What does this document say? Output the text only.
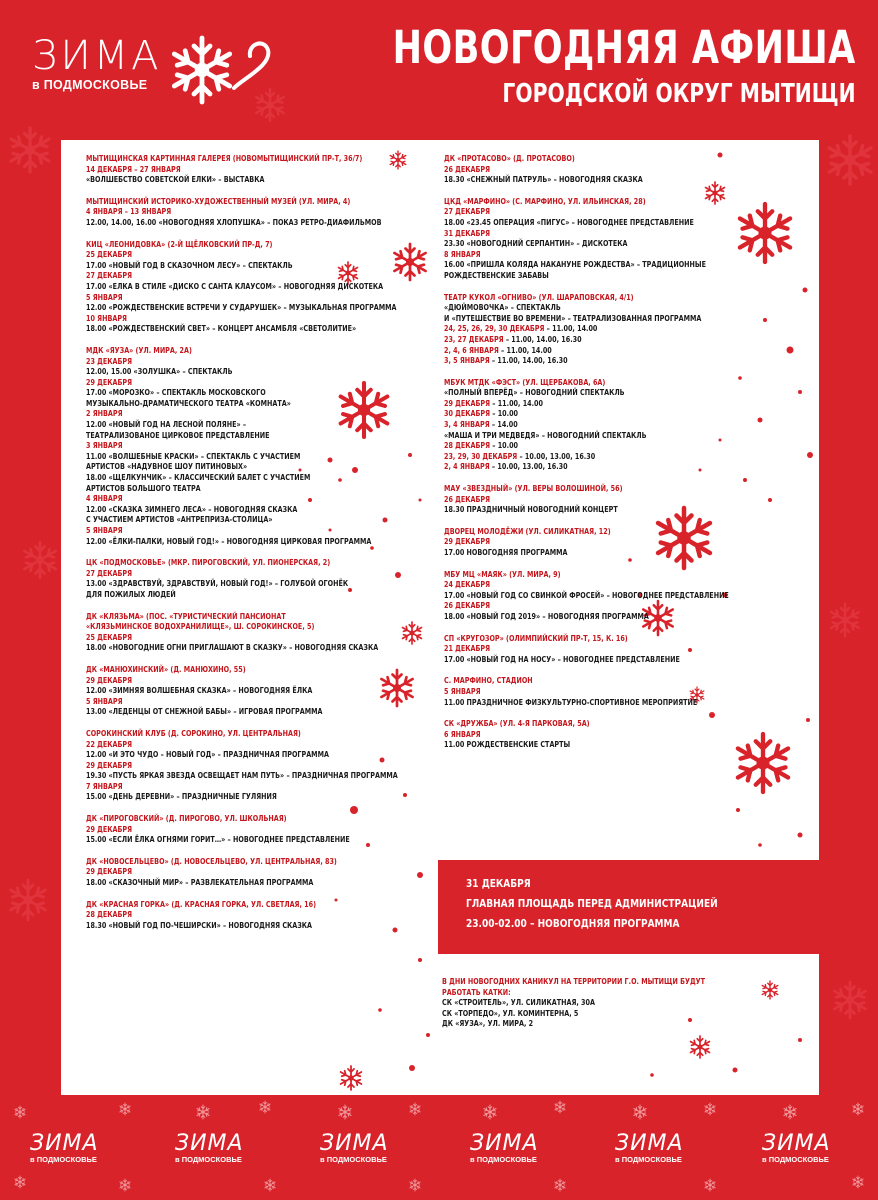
ЗИМА
в ПОДМОСКОВЬЕ
НОВОГОДНЯЯ АФИША
ГОРОДСКОЙ ОКРУГ МЫТИЩИ
МЫТИЩИНСКАЯ КАРТИННАЯ ГАЛЕРЕЯ (НОВОМЫТИЩИНСКИЙ ПР-Т, 36/7)
14 ДЕКАБРЯ – 27 ЯНВАРЯ
«ВОЛШЕБСТВО СОВЕТСКОЙ ЕЛКИ» – ВЫСТАВКА
МЫТИЩИНСКИЙ ИСТОРИКО-ХУДОЖЕСТВЕННЫЙ МУЗЕЙ (УЛ. МИРА, 4)
4 ЯНВАРЯ – 13 ЯНВАРЯ
12.00, 14.00, 16.00 «НОВОГОДНЯЯ ХЛОПУШКА» – ПОКАЗ РЕТРО-ДИАФИЛЬМОВ
КИЦ «ЛЕОНИДОВКА» (2-Й ЩЁЛКОВСКИЙ ПР-Д, 7)
25 ДЕКАБРЯ
17.00 «НОВЫЙ ГОД В СКАЗОЧНОМ ЛЕСУ» – СПЕКТАКЛЬ
27 ДЕКАБРЯ
17.00 «ЕЛКА В СТИЛЕ «ДИСКО С САНТА КЛАУСОМ» – НОВОГОДНЯЯ ДИСКОТЕКА
5 ЯНВАРЯ
12.00 «РОЖДЕСТВЕНСКИЕ ВСТРЕЧИ У СУДАРУШЕК» – МУЗЫКАЛЬНАЯ ПРОГРАММА
10 ЯНВАРЯ
18.00 «РОЖДЕСТВЕНСКИЙ СВЕТ» – КОНЦЕРТ АНСАМБЛЯ «СВЕТОЛИТИЕ»
МДК «ЯУЗА» (УЛ. МИРА, 2А)
23 ДЕКАБРЯ
12.00, 15.00 «ЗОЛУШКА» – СПЕКТАКЛЬ
29 ДЕКАБРЯ
17.00 «МОРОЗКО» – СПЕКТАКЛЬ МОСКОВСКОГО
МУЗЫКАЛЬНО-ДРАМАТИЧЕСКОГО ТЕАТРА «КОМНАТА»
2 ЯНВАРЯ
12.00 «НОВЫЙ ГОД НА ЛЕСНОЙ ПОЛЯНЕ» –
ТЕАТРАЛИЗОВАНОЕ ЦИРКОВОЕ ПРЕДСТАВЛЕНИЕ
3 ЯНВАРЯ
11.00 «ВОЛШЕБНЫЕ КРАСКИ» – СПЕКТАКЛЬ С УЧАСТИЕМ
АРТИСТОВ «НАДУВНОЕ ШОУ ПИТИНОВЫХ»
18.00 «ЩЕЛКУНЧИК» – КЛАССИЧЕСКИЙ БАЛЕТ С УЧАСТИЕМ
АРТИСТОВ БОЛЬШОГО ТЕАТРА
4 ЯНВАРЯ
12.00 «СКАЗКА ЗИМНЕГО ЛЕСА» – НОВОГОДНЯЯ СКАЗКА
С УЧАСТИЕМ АРТИСТОВ «АНТРЕПРИЗА-СТОЛИЦА»
5 ЯНВАРЯ
12.00 «ЁЛКИ-ПАЛКИ, НОВЫЙ ГОД!» – НОВОГОДНЯЯ ЦИРКОВАЯ ПРОГРАММА
ЦК «ПОДМОСКОВЬЕ» (МКР. ПИРОГОВСКИЙ, УЛ. ПИОНЕРСКАЯ, 2)
27 ДЕКАБРЯ
13.00 «ЗДРАВСТВУЙ, ЗДРАВСТВУЙ, НОВЫЙ ГОД!» – ГОЛУБОЙ ОГОНЁК
ДЛЯ ПОЖИЛЫХ ЛЮДЕЙ
ДК «КЛЯЗЬМА» (ПОС. «ТУРИСТИЧЕСКИЙ ПАНСИОНАТ
«КЛЯЗЬМИНСКОЕ ВОДОХРАНИЛИЩЕ», Ш. СОРОКИНСКОЕ, 5)
25 ДЕКАБРЯ
18.00 «НОВОГОДНИЕ ОГНИ ПРИГЛАШАЮТ В СКАЗКУ» – НОВОГОДНЯЯ СКАЗКА
ДК «МАНЮХИНСКИЙ» (Д. МАНЮХИНО, 55)
29 ДЕКАБРЯ
12.00 «ЗИМНЯЯ ВОЛШЕБНАЯ СКАЗКА» – НОВОГОДНЯЯ ЁЛКА
5 ЯНВАРЯ
13.00 «ЛЕДЕНЦЫ ОТ СНЕЖНОЙ БАБЫ» – ИГРОВАЯ ПРОГРАММА
СОРОКИНСКИЙ КЛУБ (Д. СОРОКИНО, УЛ. ЦЕНТРАЛЬНАЯ)
22 ДЕКАБРЯ
12.00 «И ЭТО ЧУДО – НОВЫЙ ГОД» – ПРАЗДНИЧНАЯ ПРОГРАММА
29 ДЕКАБРЯ
19.30 «ПУСТЬ ЯРКАЯ ЗВЕЗДА ОСВЕЩАЕТ НАМ ПУТЬ» – ПРАЗДНИЧНАЯ ПРОГРАММА
7 ЯНВАРЯ
15.00 «ДЕНЬ ДЕРЕВНИ» – ПРАЗДНИЧНЫЕ ГУЛЯНИЯ
ДК «ПИРОГОВСКИЙ» (Д. ПИРОГОВО, УЛ. ШКОЛЬНАЯ)
29 ДЕКАБРЯ
15.00 «ЕСЛИ ЁЛКА ОГНЯМИ ГОРИТ…» – НОВОГОДНЕЕ ПРЕДСТАВЛЕНИЕ
ДК «НОВОСЕЛЬЦЕВО» (Д. НОВОСЕЛЬЦЕВО, УЛ. ЦЕНТРАЛЬНАЯ, 83)
29 ДЕКАБРЯ
18.00 «СКАЗОЧНЫЙ МИР» – РАЗВЛЕКАТЕЛЬНАЯ ПРОГРАММА
ДК «КРАСНАЯ ГОРКА» (Д. КРАСНАЯ ГОРКА, УЛ. СВЕТЛАЯ, 16)
28 ДЕКАБРЯ
18.30 «НОВЫЙ ГОД ПО-ЧЕШИРСКИ» – НОВОГОДНЯЯ СКАЗКА
ДК «ПРОТАСОВО» (Д. ПРОТАСОВО)
26 ДЕКАБРЯ
18.30 «СНЕЖНЫЙ ПАТРУЛЬ» – НОВОГОДНЯЯ СКАЗКА
ЦКД «МАРФИНО» (С. МАРФИНО, УЛ. ИЛЬИНСКАЯ, 28)
27 ДЕКАБРЯ
18.00 «23.45 ОПЕРАЦИЯ «ПИГУС» – НОВОГОДНЕЕ ПРЕДСТАВЛЕНИЕ
31 ДЕКАБРЯ
23.30 «НОВОГОДНИЙ СЕРПАНТИН» – ДИСКОТЕКА
8 ЯНВАРЯ
16.00 «ПРИШЛА КОЛЯДА НАКАНУНЕ РОЖДЕСТВА» – ТРАДИЦИОННЫЕ
РОЖДЕСТВЕНСКИЕ ЗАБАВЫ
ТЕАТР КУКОЛ «ОГНИВО» (УЛ. ШАРАПОВСКАЯ, 4/1)
«ДЮЙМОВОЧКА» – СПЕКТАКЛЬ
И «ПУТЕШЕСТВИЕ ВО ВРЕМЕНИ» – ТЕАТРАЛИЗОВАННАЯ ПРОГРАММА
24, 25, 26, 29, 30 ДЕКАБРЯ – 11.00, 14.00
23, 27 ДЕКАБРЯ – 11.00, 14.00, 16.30
2, 4, 6 ЯНВАРЯ – 11.00, 14.00
3, 5 ЯНВАРЯ – 11.00, 14.00, 16.30
МБУК МТДК «ФЭСТ» (УЛ. ЩЕРБАКОВА, 6А)
«ПОЛНЫЙ ВПЕРЁД» – НОВОГОДНИЙ СПЕКТАКЛЬ
29 ДЕКАБРЯ – 11.00, 14.00
30 ДЕКАБРЯ – 10.00
3, 4 ЯНВАРЯ – 14.00
«МАША И ТРИ МЕДВЕДЯ» – НОВОГОДНИЙ СПЕКТАКЛЬ
28 ДЕКАБРЯ – 10.00
23, 29, 30 ДЕКАБРЯ – 10.00, 13.00, 16.30
2, 4 ЯНВАРЯ – 10.00, 13.00, 16.30
МАУ «ЗВЕЗДНЫЙ» (УЛ. ВЕРЫ ВОЛОШИНОЙ, 56)
26 ДЕКАБРЯ
18.30 ПРАЗДНИЧНЫЙ НОВОГОДНИЙ КОНЦЕРТ
ДВОРЕЦ МОЛОДЁЖИ (УЛ. СИЛИКАТНАЯ, 12)
29 ДЕКАБРЯ
17.00 НОВОГОДНЯЯ ПРОГРАММА
МБУ МЦ «МАЯК» (УЛ. МИРА, 9)
24 ДЕКАБРЯ
17.00 «НОВЫЙ ГОД СО СВИНКОЙ ФРОСЕЙ» – НОВОГОДНЕЕ ПРЕДСТАВЛЕНИЕ
26 ДЕКАБРЯ
18.00 «НОВЫЙ ГОД 2019» – НОВОГОДНЯЯ ПРОГРАММА
СП «КРУГОЗОР» (ОЛИМПИЙСКИЙ ПР-Т, 15, К. 16)
21 ДЕКАБРЯ
17.00 «НОВЫЙ ГОД НА НОСУ» – НОВОГОДНЕЕ ПРЕДСТАВЛЕНИЕ
С. МАРФИНО, СТАДИОН
5 ЯНВАРЯ
11.00 ПРАЗДНИЧНОЕ ФИЗКУЛЬТУРНО-СПОРТИВНОЕ МЕРОПРИЯТИЕ
СК «ДРУЖБА» (УЛ. 4-Я ПАРКОВАЯ, 5А)
6 ЯНВАРЯ
11.00 РОЖДЕСТВЕНСКИЕ СТАРТЫ
31 ДЕКАБРЯ
ГЛАВНАЯ ПЛОЩАДЬ ПЕРЕД АДМИНИСТРАЦИЕЙ
23.00-02.00 – НОВОГОДНЯЯ ПРОГРАММА
В ДНИ НОВОГОДНИХ КАНИКУЛ НА ТЕРРИТОРИИ Г.О. МЫТИЩИ БУДУТ
РАБОТАТЬ КАТКИ:
СК «СТРОИТЕЛЬ», УЛ. СИЛИКАТНАЯ, 30А
СК «ТОРПЕДО», УЛ. КОМИНТЕРНА, 5
ДК «ЯУЗА», УЛ. МИРА, 2
ЗИМА
в ПОДМОСКОВЬЕ
ЗИМА
в ПОДМОСКОВЬЕ
ЗИМА
в ПОДМОСКОВЬЕ
ЗИМА
в ПОДМОСКОВЬЕ
ЗИМА
в ПОДМОСКОВЬЕ
ЗИМА
в ПОДМОСКОВЬЕ
